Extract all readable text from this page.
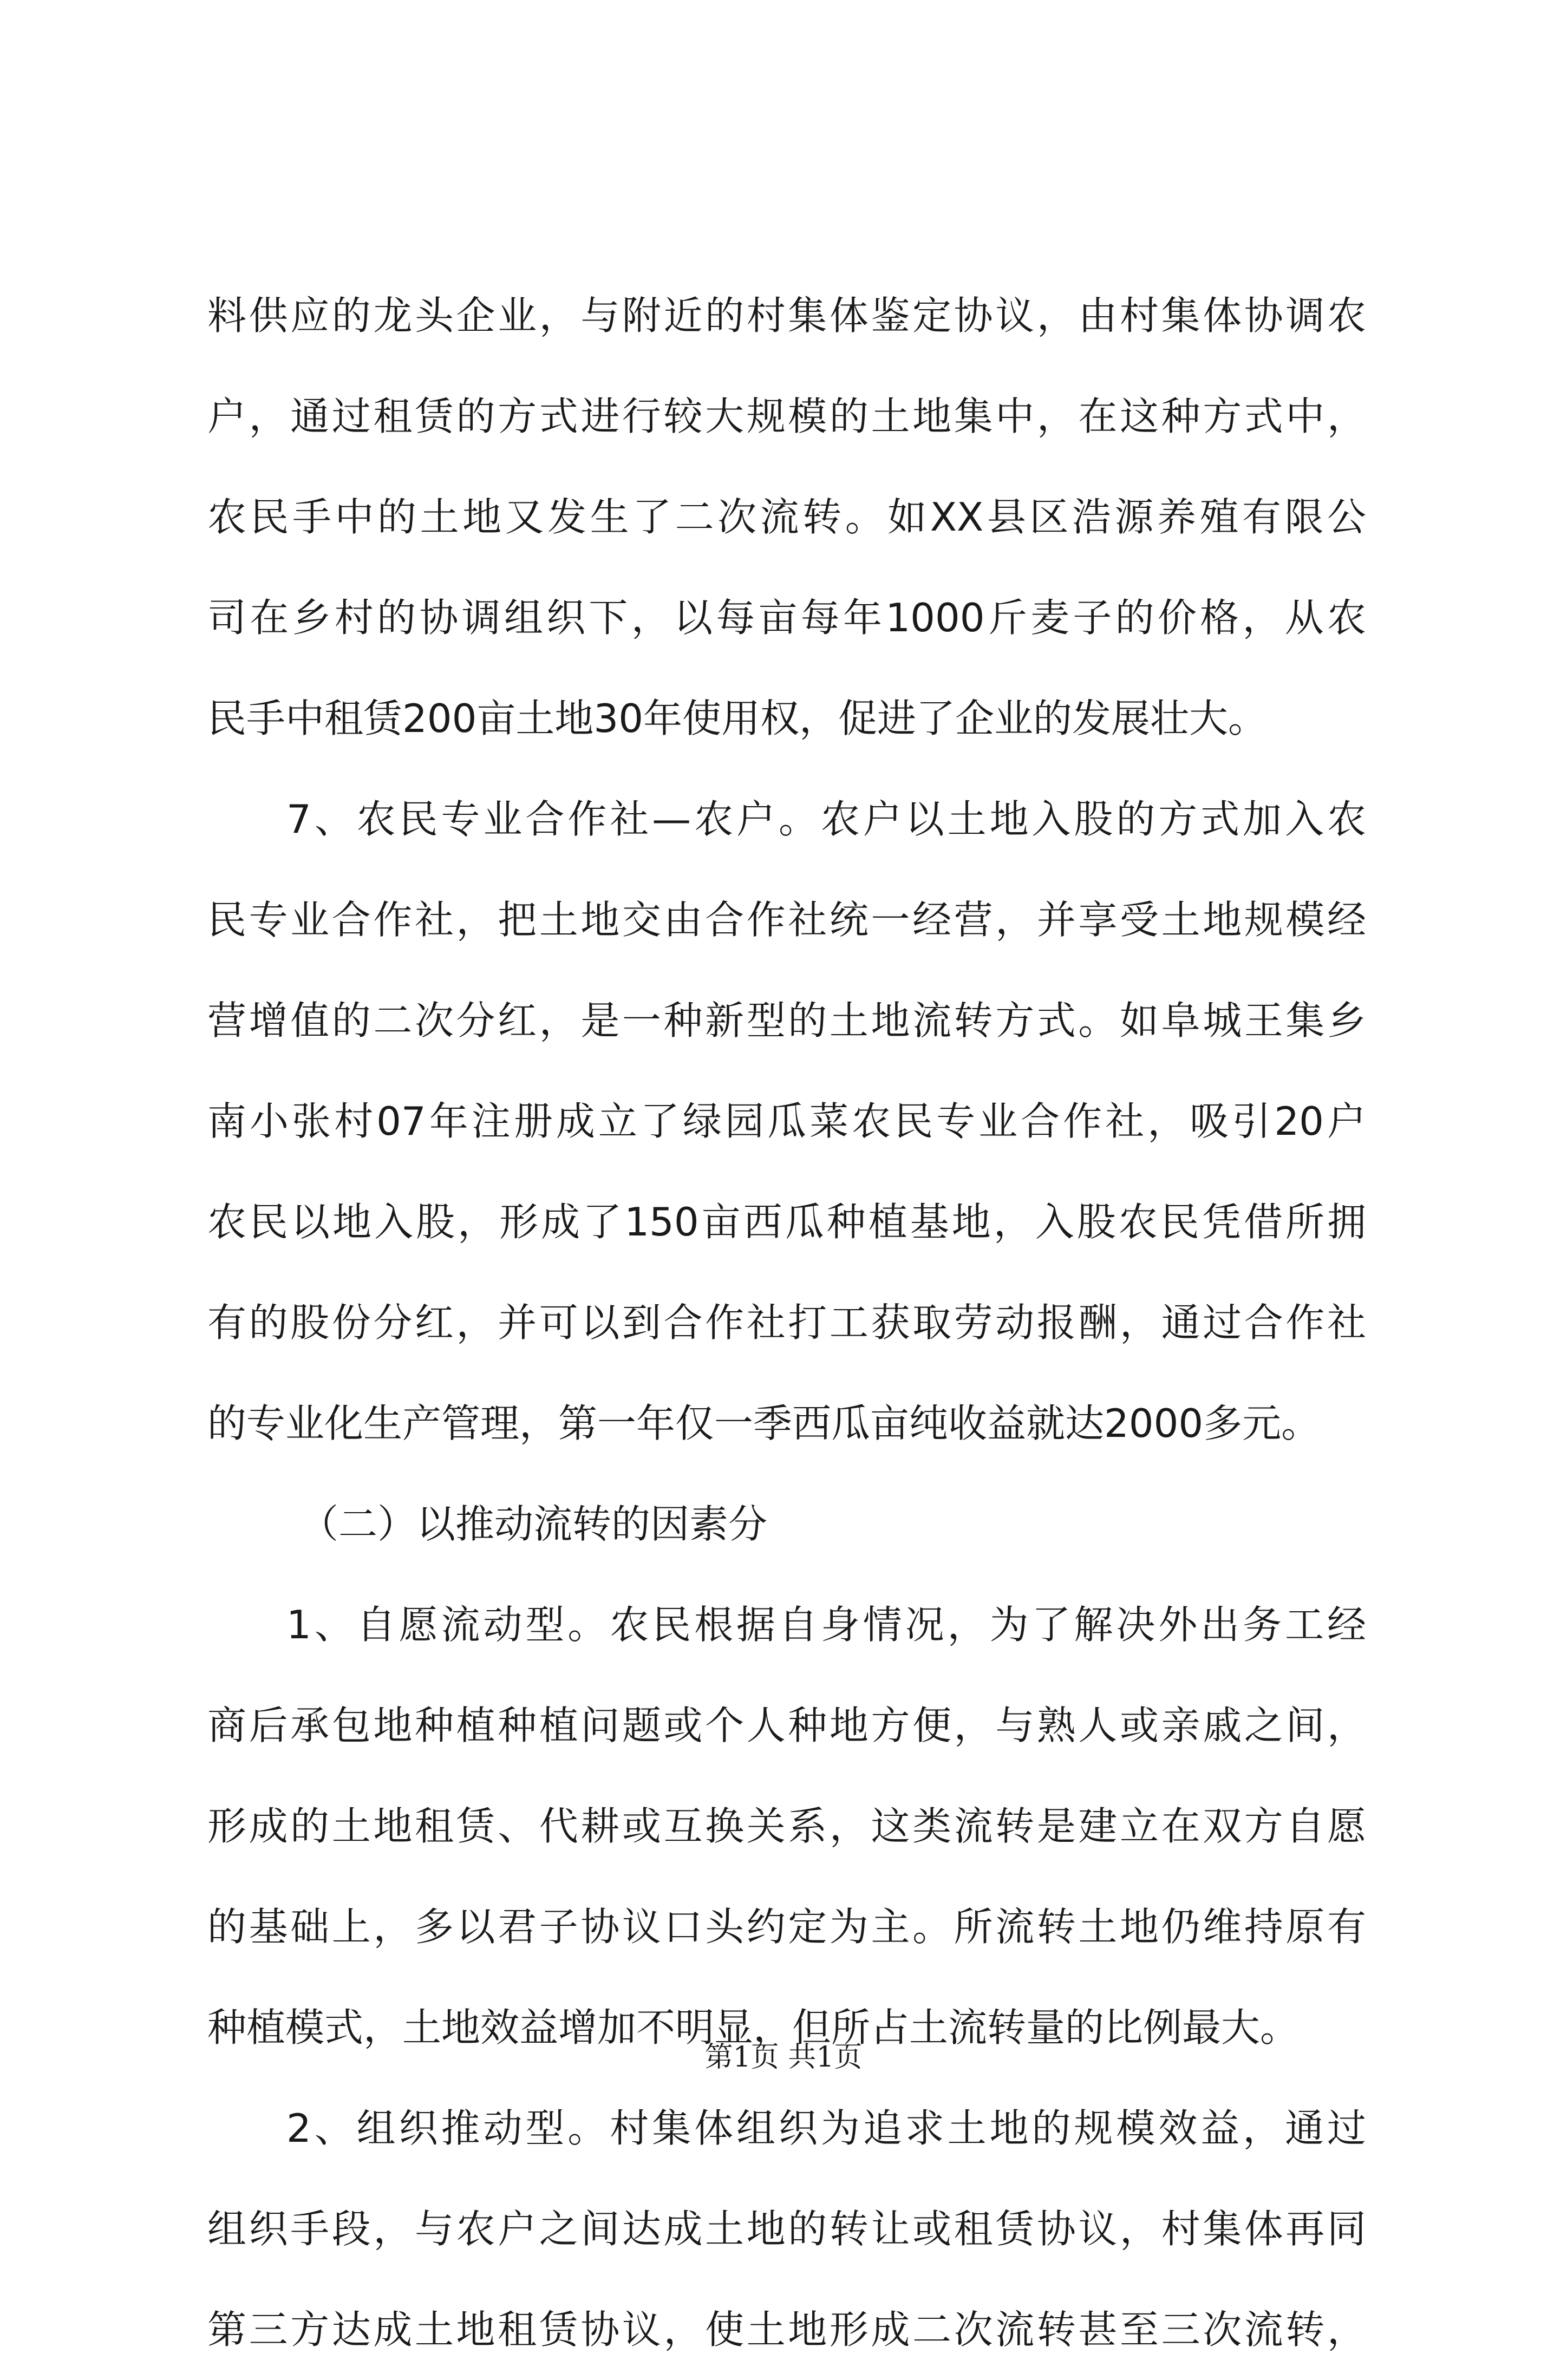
料供应的龙头企业，与附近的村集体鉴定协议，由村集体协调农
户，通过租赁的方式进行较大规模的土地集中，在这种方式中，
农民手中的土地又发生了二次流转。如XX县区浩源养殖有限公
司在乡村的协调组织下，以每亩每年1000斤麦子的价格，从农
民手中租赁200亩土地30年使用权，促进了企业的发展壮大。
7、农民专业合作社—农户。农户以土地入股的方式加入农
民专业合作社，把土地交由合作社统一经营，并享受土地规模经
营增值的二次分红，是一种新型的土地流转方式。如阜城王集乡
南小张村07年注册成立了绿园瓜菜农民专业合作社，吸引20户
农民以地入股，形成了150亩西瓜种植基地，入股农民凭借所拥
有的股份分红，并可以到合作社打工获取劳动报酬，通过合作社
的专业化生产管理，第一年仅一季西瓜亩纯收益就达2000多元。
（二）以推动流转的因素分
1、自愿流动型。农民根据自身情况，为了解决外出务工经
商后承包地种植种植问题或个人种地方便，与熟人或亲戚之间，
形成的土地租赁、代耕或互换关系，这类流转是建立在双方自愿
的基础上，多以君子协议口头约定为主。所流转土地仍维持原有
种植模式，土地效益增加不明显，但所占土流转量的比例最大。
2、组织推动型。村集体组织为追求土地的规模效益，通过
组织手段，与农户之间达成土地的转让或租赁协议，村集体再同
第三方达成土地租赁协议，使土地形成二次流转甚至三次流转，
第1页 共1页
